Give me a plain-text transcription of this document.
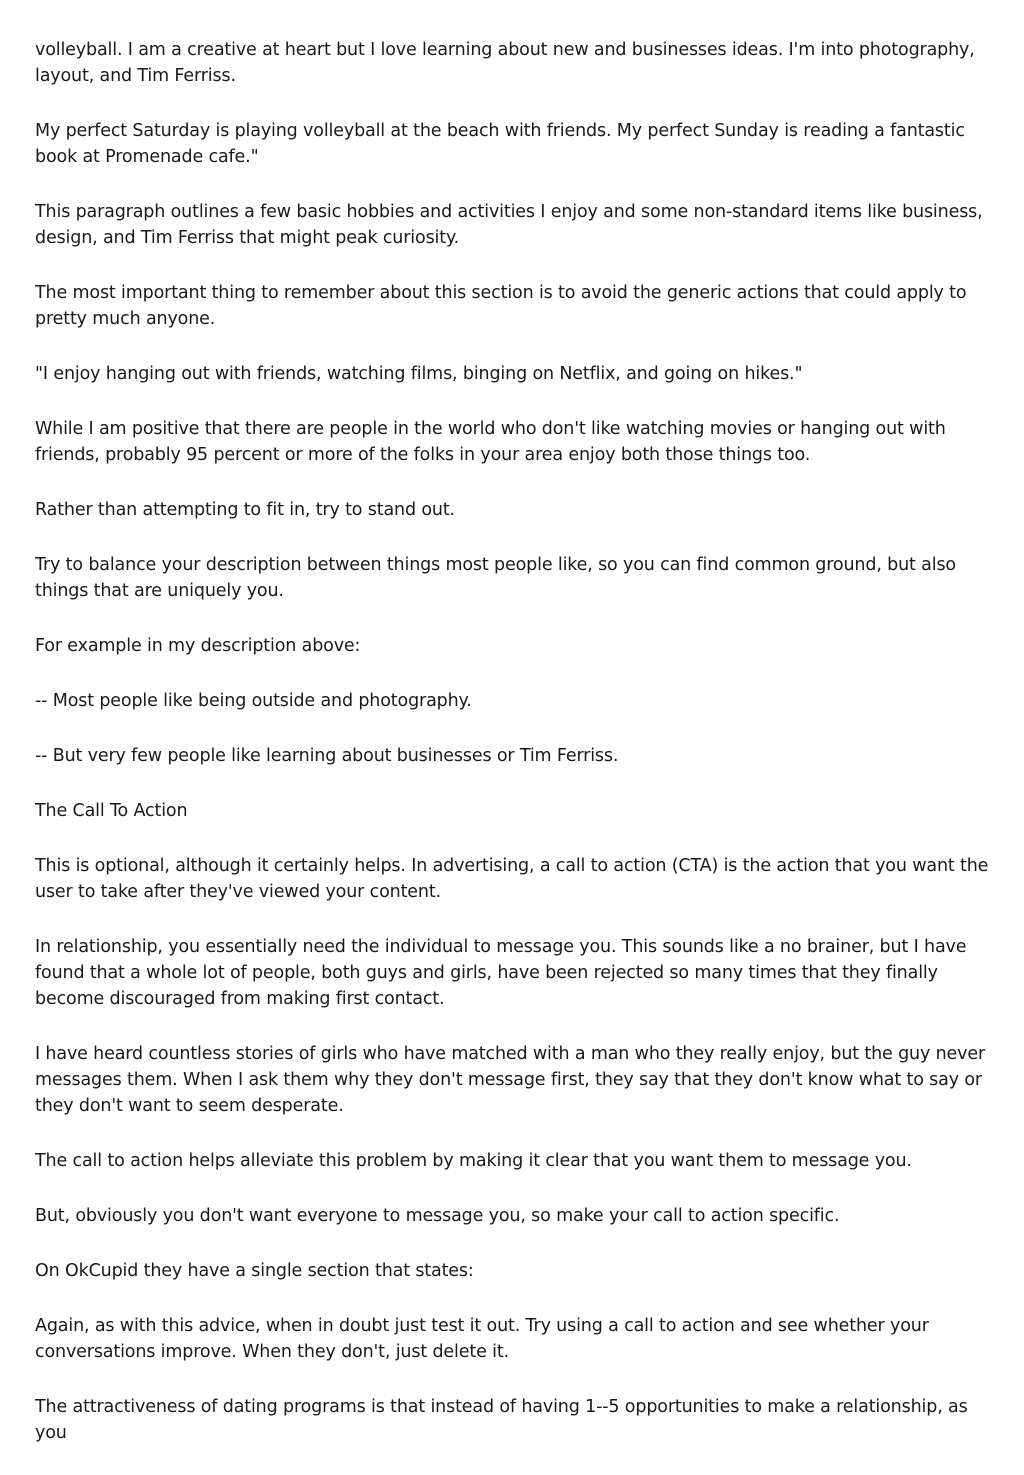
volleyball. I am a creative at heart but I love learning about new and businesses ideas. I'm into photography, layout, and Tim Ferriss.

My perfect Saturday is playing volleyball at the beach with friends. My perfect Sunday is reading a fantastic book at Promenade cafe."

This paragraph outlines a few basic hobbies and activities I enjoy and some non-standard items like business, design, and Tim Ferriss that might peak curiosity.

The most important thing to remember about this section is to avoid the generic actions that could apply to pretty much anyone.

"I enjoy hanging out with friends, watching films, binging on Netflix, and going on hikes."

While I am positive that there are people in the world who don't like watching movies or hanging out with friends, probably 95 percent or more of the folks in your area enjoy both those things too.

Rather than attempting to fit in, try to stand out.

Try to balance your description between things most people like, so you can find common ground, but also things that are uniquely you.

For example in my description above:

-- Most people like being outside and photography.

-- But very few people like learning about businesses or Tim Ferriss.

The Call To Action

This is optional, although it certainly helps. In advertising, a call to action (CTA) is the action that you want the user to take after they've viewed your content.

In relationship, you essentially need the individual to message you. This sounds like a no brainer, but I have found that a whole lot of people, both guys and girls, have been rejected so many times that they finally become discouraged from making first contact.

I have heard countless stories of girls who have matched with a man who they really enjoy, but the guy never messages them. When I ask them why they don't message first, they say that they don't know what to say or they don't want to seem desperate.

The call to action helps alleviate this problem by making it clear that you want them to message you.

But, obviously you don't want everyone to message you, so make your call to action specific.

On OkCupid they have a single section that states:

Again, as with this advice, when in doubt just test it out. Try using a call to action and see whether your conversations improve. When they don't, just delete it.

The attractiveness of dating programs is that instead of having 1--5 opportunities to make a relationship, as you
